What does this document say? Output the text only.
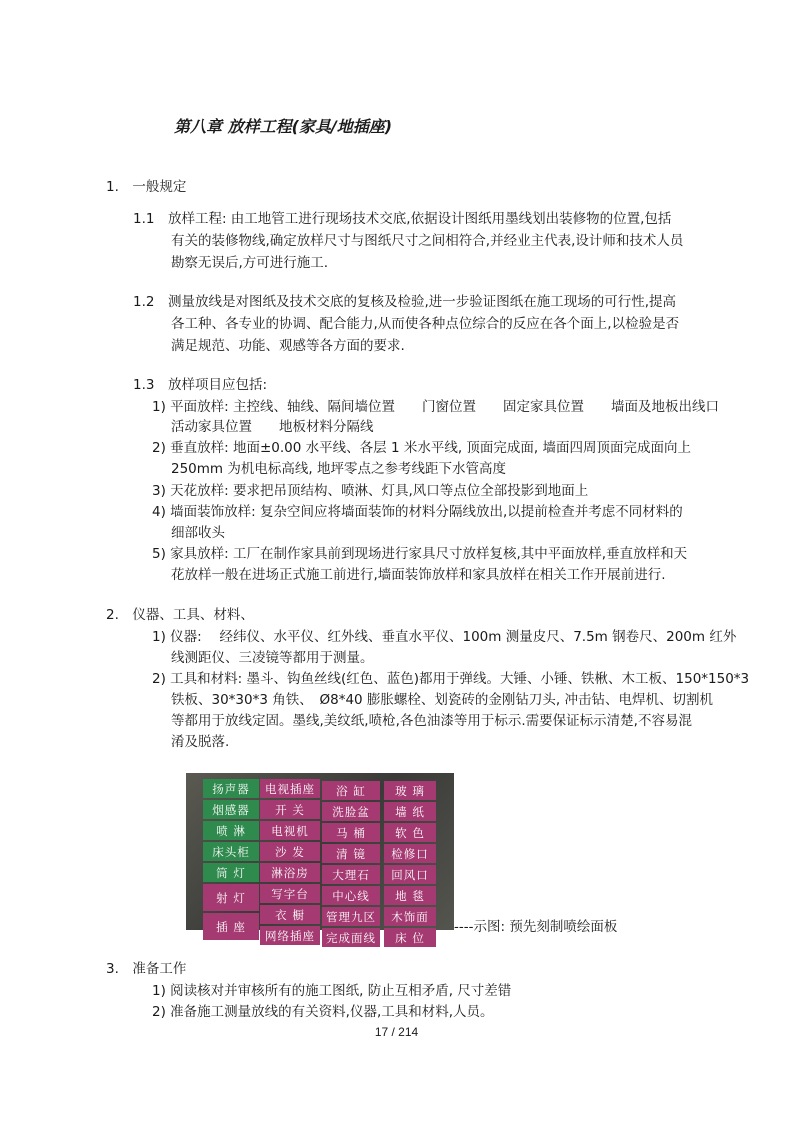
第八章 放样工程(家具/地插座)
1.　一般规定
1.1　放样工程: 由工地管工进行现场技术交底,依据设计图纸用墨线划出装修物的位置,包括
有关的装修物线,确定放样尺寸与图纸尺寸之间相符合,并经业主代表,设计师和技术人员
勘察无误后,方可进行施工.
1.2　测量放线是对图纸及技术交底的复核及检验,进一步验证图纸在施工现场的可行性,提高
各工种、各专业的协调、配合能力,从而使各种点位综合的反应在各个面上,以检验是否
满足规范、功能、观感等各方面的要求.
1.3　放样项目应包括:
1) 平面放样: 主控线、轴线、隔间墙位置　　门窗位置　　固定家具位置　　墙面及地板出线口
活动家具位置　　地板材料分隔线
2) 垂直放样: 地面±0.00 水平线、各层 1 米水平线, 顶面完成面, 墙面四周顶面完成面向上
250mm 为机电标高线, 地坪零点之参考线距下水管高度
3) 天花放样: 要求把吊顶结构、喷淋、灯具,风口等点位全部投影到地面上
4) 墙面装饰放样: 复杂空间应将墙面装饰的材料分隔线放出,以提前检查并考虑不同材料的
细部收头
5) 家具放样: 工厂在制作家具前到现场进行家具尺寸放样复核,其中平面放样,垂直放样和天
花放样一般在进场正式施工前进行,墙面装饰放样和家具放样在相关工作开展前进行.
2.　仪器、工具、材料、
1) 仪器: 　经纬仪、水平仪、红外线、垂直水平仪、100m 测量皮尺、7.5m 钢卷尺、200m 红外
线测距仪、三凌镜等都用于测量。
2) 工具和材料: 墨斗、钩鱼丝线(红色、蓝色)都用于弹线。大锤、小锤、铁楸、木工板、150*150*3
铁板、30*30*3 角铁、　Ø8*40 膨胀螺栓、划瓷砖的金刚钻刀头, 冲击钻、电焊机、切割机
等都用于放线定固。墨线,美纹纸,喷枪,各色油漆等用于标示.需要保证标示清楚,不容易混
淆及脱落.
扬声器
烟感器
喷 淋
床头柜
筒 灯
射 灯
插 座
电视插座
开 关
电视机
沙 发
淋浴房
写字台
衣 橱
网络插座
浴 缸
洗脸盆
马 桶
清 镜
大理石
中心线
管理九区
完成面线
玻 璃
墙 纸
软 色
检修口
回风口
地 毯
木饰面
床 位
----示图: 预先刻制喷绘面板
3.　准备工作
1) 阅读核对并审核所有的施工图纸, 防止互相矛盾, 尺寸差错
2) 准备施工测量放线的有关资料,仪器,工具和材料,人员。
17 / 214
